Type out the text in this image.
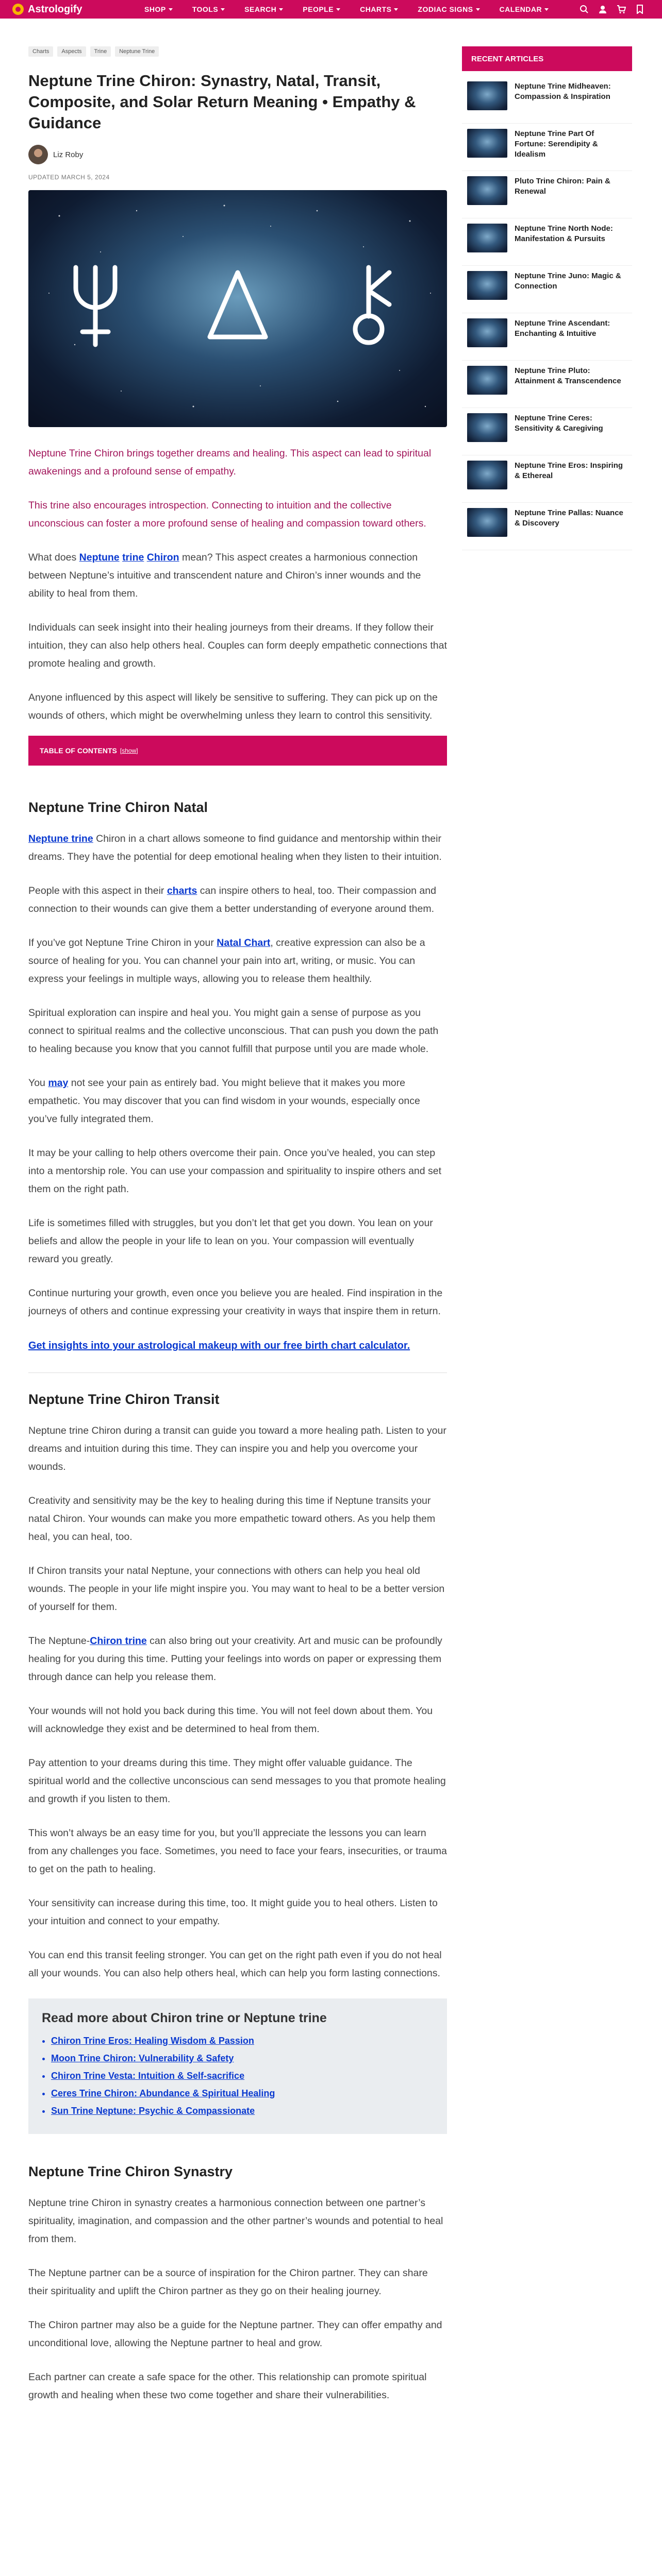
Astrologify	SHOP	TOOLS	SEARCH	PEOPLE	CHARTS	ZODIAC SIGNS	CALENDAR
Charts	Aspects	Trine	Neptune Trine
Neptune Trine Chiron: Synastry, Natal, Transit, Composite, and Solar Return Meaning • Empathy & Guidance
Liz Roby
UPDATED MARCH 5, 2024

Neptune Trine Chiron brings together dreams and healing. This aspect can lead to spiritual awakenings and a profound sense of empathy.

This trine also encourages introspection. Connecting to intuition and the collective unconscious can foster a more profound sense of healing and compassion toward others.

What does Neptune trine Chiron mean? This aspect creates a harmonious connection between Neptune’s intuitive and transcendent nature and Chiron’s inner wounds and the ability to heal from them.

Individuals can seek insight into their healing journeys from their dreams. If they follow their intuition, they can also help others heal. Couples can form deeply empathetic connections that promote healing and growth.

Anyone influenced by this aspect will likely be sensitive to suffering. They can pick up on the wounds of others, which might be overwhelming unless they learn to control this sensitivity.

TABLE OF CONTENTS [show]
Neptune Trine Chiron Natal

Neptune trine Chiron in a chart allows someone to find guidance and mentorship within their dreams. They have the potential for deep emotional healing when they listen to their intuition.

People with this aspect in their charts can inspire others to heal, too. Their compassion and connection to their wounds can give them a better understanding of everyone around them.

If you’ve got Neptune Trine Chiron in your Natal Chart, creative expression can also be a source of healing for you. You can channel your pain into art, writing, or music. You can express your feelings in multiple ways, allowing you to release them healthily.

Spiritual exploration can inspire and heal you. You might gain a sense of purpose as you connect to spiritual realms and the collective unconscious. That can push you down the path to healing because you know that you cannot fulfill that purpose until you are made whole.

You may not see your pain as entirely bad. You might believe that it makes you more empathetic. You may discover that you can find wisdom in your wounds, especially once you’ve fully integrated them.

It may be your calling to help others overcome their pain. Once you’ve healed, you can step into a mentorship role. You can use your compassion and spirituality to inspire others and set them on the right path.

Life is sometimes filled with struggles, but you don’t let that get you down. You lean on your beliefs and allow the people in your life to lean on you. Your compassion will eventually reward you greatly.

Continue nurturing your growth, even once you believe you are healed. Find inspiration in the journeys of others and continue expressing your creativity in ways that inspire them in return.

Get insights into your astrological makeup with our free birth chart calculator.
Neptune Trine Chiron Transit

Neptune trine Chiron during a transit can guide you toward a more healing path. Listen to your dreams and intuition during this time. They can inspire you and help you overcome your wounds.

Creativity and sensitivity may be the key to healing during this time if Neptune transits your natal Chiron. Your wounds can make you more empathetic toward others. As you help them heal, you can heal, too.

If Chiron transits your natal Neptune, your connections with others can help you heal old wounds. The people in your life might inspire you. You may want to heal to be a better version of yourself for them.

The Neptune-Chiron trine can also bring out your creativity. Art and music can be profoundly healing for you during this time. Putting your feelings into words on paper or expressing them through dance can help you release them.

Your wounds will not hold you back during this time. You will not feel down about them. You will acknowledge they exist and be determined to heal from them.

Pay attention to your dreams during this time. They might offer valuable guidance. The spiritual world and the collective unconscious can send messages to you that promote healing and growth if you listen to them.

This won’t always be an easy time for you, but you’ll appreciate the lessons you can learn from any challenges you face. Sometimes, you need to face your fears, insecurities, or trauma to get on the path to healing.

Your sensitivity can increase during this time, too. It might guide you to heal others. Listen to your intuition and connect to your empathy.

You can end this transit feeling stronger. You can get on the right path even if you do not heal all your wounds. You can also help others heal, which can help you form lasting connections.

Read more about Chiron trine or Neptune trine
• Chiron Trine Eros: Healing Wisdom & Passion
• Moon Trine Chiron: Vulnerability & Safety
• Chiron Trine Vesta: Intuition & Self-sacrifice
• Ceres Trine Chiron: Abundance & Spiritual Healing
• Sun Trine Neptune: Psychic & Compassionate
Neptune Trine Chiron Synastry

Neptune trine Chiron in synastry creates a harmonious connection between one partner’s spirituality, imagination, and compassion and the other partner’s wounds and potential to heal from them.

The Neptune partner can be a source of inspiration for the Chiron partner. They can share their spirituality and uplift the Chiron partner as they go on their healing journey.

The Chiron partner may also be a guide for the Neptune partner. They can offer empathy and unconditional love, allowing the Neptune partner to heal and grow.

Each partner can create a safe space for the other. This relationship can promote spiritual growth and healing when these two come together and share their vulnerabilities.

RECENT ARTICLES
Neptune Trine Midheaven: Compassion & Inspiration
Neptune Trine Part Of Fortune: Serendipity & Idealism
Pluto Trine Chiron: Pain & Renewal
Neptune Trine North Node: Manifestation & Pursuits
Neptune Trine Juno: Magic & Connection
Neptune Trine Ascendant: Enchanting & Intuitive
Neptune Trine Pluto: Attainment & Transcendence
Neptune Trine Ceres: Sensitivity & Caregiving
Neptune Trine Eros: Inspiring & Ethereal
Neptune Trine Pallas: Nuance & Discovery
